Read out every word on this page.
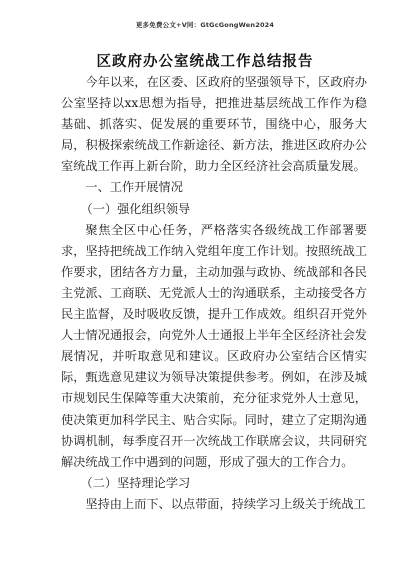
更多免费公文+V同：GtGcGongWen2024
区政府办公室统战工作总结报告

今年以来，在区委、区政府的坚强领导下，区政府办公室坚持以xx思想为指导，把推进基层统战工作作为稳基础、抓落实、促发展的重要环节，围绕中心，服务大局，积极探索统战工作新途径、新方法，推进区政府办公室统战工作再上新台阶，助力全区经济社会高质量发展。

一、工作开展情况

（一）强化组织领导

聚焦全区中心任务，严格落实各级统战工作部署要求，坚持把统战工作纳入党组年度工作计划。按照统战工作要求，团结各方力量，主动加强与政协、统战部和各民主党派、工商联、无党派人士的沟通联系，主动接受各方民主监督，及时吸收反馈，提升工作成效。组织召开党外人士情况通报会，向党外人士通报上半年全区经济社会发展情况，并听取意见和建议。区政府办公室结合区情实际，甄选意见建议为领导决策提供参考。例如，在涉及城市规划民生保障等重大决策前，充分征求党外人士意见，使决策更加科学民主、贴合实际。同时，建立了定期沟通协调机制，每季度召开一次统战工作联席会议，共同研究解决统战工作中遇到的问题，形成了强大的工作合力。

（二）坚持理论学习

坚持由上而下、以点带面，持续学习上级关于统战工
